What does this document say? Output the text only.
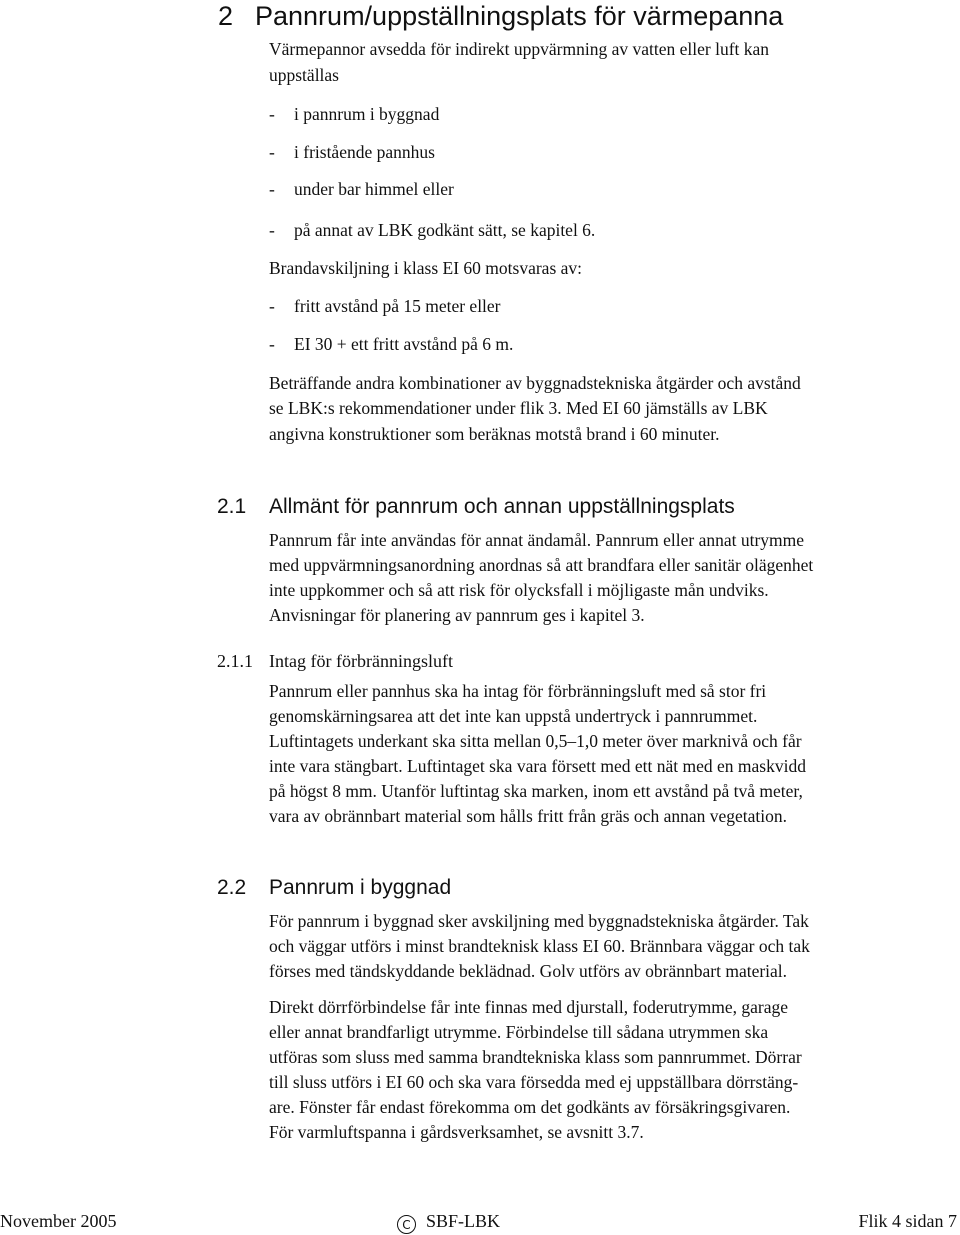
2 Pannrum/uppställningsplats för värmepanna
Värmepannor avsedda för indirekt uppvärmning av vatten eller luft kan
uppställas
- i pannrum i byggnad
- i fristående pannhus
- under bar himmel eller
- på annat av LBK godkänt sätt, se kapitel 6.
Brandavskiljning i klass EI 60 motsvaras av:
- fritt avstånd på 15 meter eller
- EI 30 + ett fritt avstånd på 6 m.
Beträffande andra kombinationer av byggnadstekniska åtgärder och avstånd
se LBK:s rekommendationer under flik 3. Med EI 60 jämställs av LBK
angivna konstruktioner som beräknas motstå brand i 60 minuter.
2.1 Allmänt för pannrum och annan uppställningsplats
Pannrum får inte användas för annat ändamål. Pannrum eller annat utrymme
med uppvärmningsanordning anordnas så att brandfara eller sanitär olägenhet
inte uppkommer och så att risk för olycksfall i möjligaste mån undviks.
Anvisningar för planering av pannrum ges i kapitel 3.
2.1.1 Intag för förbränningsluft
Pannrum eller pannhus ska ha intag för förbränningsluft med så stor fri
genomskärningsarea att det inte kan uppstå undertryck i pannrummet.
Luftintagets underkant ska sitta mellan 0,5–1,0 meter över marknivå och får
inte vara stängbart. Luftintaget ska vara försett med ett nät med en maskvidd
på högst 8 mm. Utanför luftintag ska marken, inom ett avstånd på två meter,
vara av obrännbart material som hålls fritt från gräs och annan vegetation.
2.2 Pannrum i byggnad
För pannrum i byggnad sker avskiljning med byggnadstekniska åtgärder. Tak
och väggar utförs i minst brandteknisk klass EI 60. Brännbara väggar och tak
förses med tändskyddande beklädnad. Golv utförs av obrännbart material.
Direkt dörrförbindelse får inte finnas med djurstall, foderutrymme, garage
eller annat brandfarligt utrymme. Förbindelse till sådana utrymmen ska
utföras som sluss med samma brandtekniska klass som pannrummet. Dörrar
till sluss utförs i EI 60 och ska vara försedda med ej uppställbara dörrstäng-
are. Fönster får endast förekomma om det godkänts av försäkringsgivaren.
För varmluftspanna i gårdsverksamhet, se avsnitt 3.7.
November 2005	C SBF-LBK	Flik 4 sidan 7
